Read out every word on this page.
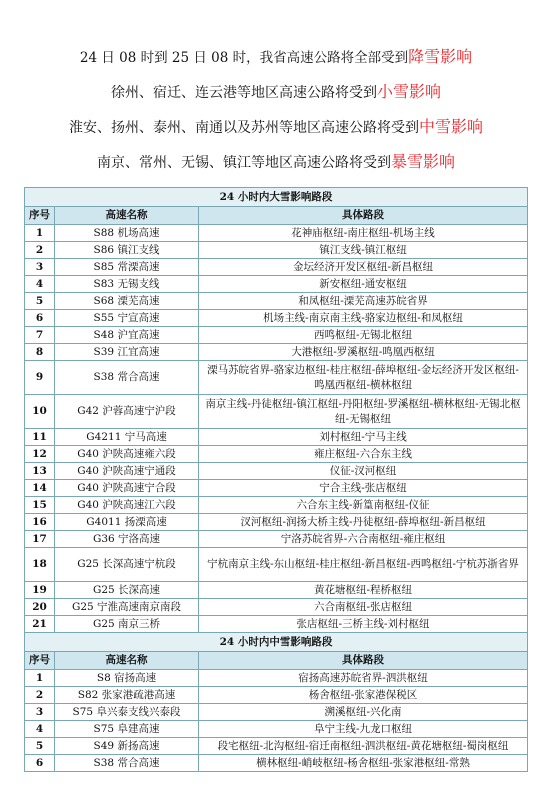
24 日 08 时到 25 日 08 时，我省高速公路将全部受到降雪影响
徐州、宿迁、连云港等地区高速公路将受到小雪影响
淮安、扬州、泰州、南通以及苏州等地区高速公路将受到中雪影响
南京、常州、无锡、镇江等地区高速公路将受到暴雪影响
24 小时内大雪影响路段		
序号	高速名称	具体路段
1	S88 机场高速	花神庙枢纽-南庄枢纽-机场主线
2	S86 镇江支线	镇江支线-镇江枢纽
3	S85 常溧高速	金坛经济开发区枢纽-新昌枢纽
4	S83 无锡支线	新安枢纽-通安枢纽
5	S68 溧芜高速	和凤枢纽-溧芜高速苏皖省界
6	S55 宁宣高速	机场主线-南京南主线-骆家边枢纽-和凤枢纽
7	S48 沪宜高速	西鸣枢纽-无锡北枢纽
8	S39 江宜高速	大港枢纽-罗溪枢纽-鸣凰西枢纽
9	S38 常合高速	溧马苏皖省界-骆家边枢纽-桂庄枢纽-薛埠枢纽-金坛经济开发区枢纽-鸣凰西枢纽-横林枢纽
10	G42 沪蓉高速宁沪段	南京主线-丹徒枢纽-镇江枢纽-丹阳枢纽-罗溪枢纽-横林枢纽-无锡北枢纽-无锡枢纽
11	G4211 宁马高速	刘村枢纽-宁马主线
12	G40 沪陕高速雍六段	雍庄枢纽-六合东主线
13	G40 沪陕高速宁通段	仪征-汊河枢纽
14	G40 沪陕高速宁合段	宁合主线-张店枢纽
15	G40 沪陕高速江六段	六合东主线-新篁南枢纽-仪征
16	G4011 扬溧高速	汊河枢纽-润扬大桥主线-丹徒枢纽-薛埠枢纽-新昌枢纽
17	G36 宁洛高速	宁洛苏皖省界-六合南枢纽-雍庄枢纽
18	G25 长深高速宁杭段	宁杭南京主线-东山枢纽-桂庄枢纽-新昌枢纽-西鸣枢纽-宁杭苏浙省界
19	G25 长深高速	黄花塘枢纽-程桥枢纽
20	G25 宁淮高速南京南段	六合南枢纽-张店枢纽
21	G25 南京三桥	张店枢纽-三桥主线-刘村枢纽
24 小时内中雪影响路段		
序号	高速名称	具体路段
1	S8 宿扬高速	宿扬高速苏皖省界-泗洪枢纽
2	S82 张家港疏港高速	杨舍枢纽-张家港保税区
3	S75 阜兴泰支线兴泰段	溯溪枢纽-兴化南
4	S75 阜建高速	阜宁主线-九龙口枢纽
5	S49 新扬高速	段宅枢纽-北沟枢纽-宿迁南枢纽-泗洪枢纽-黄花塘枢纽-蜀岗枢纽
6	S38 常合高速	横林枢纽-峭岐枢纽-杨舍枢纽-张家港枢纽-常熟
